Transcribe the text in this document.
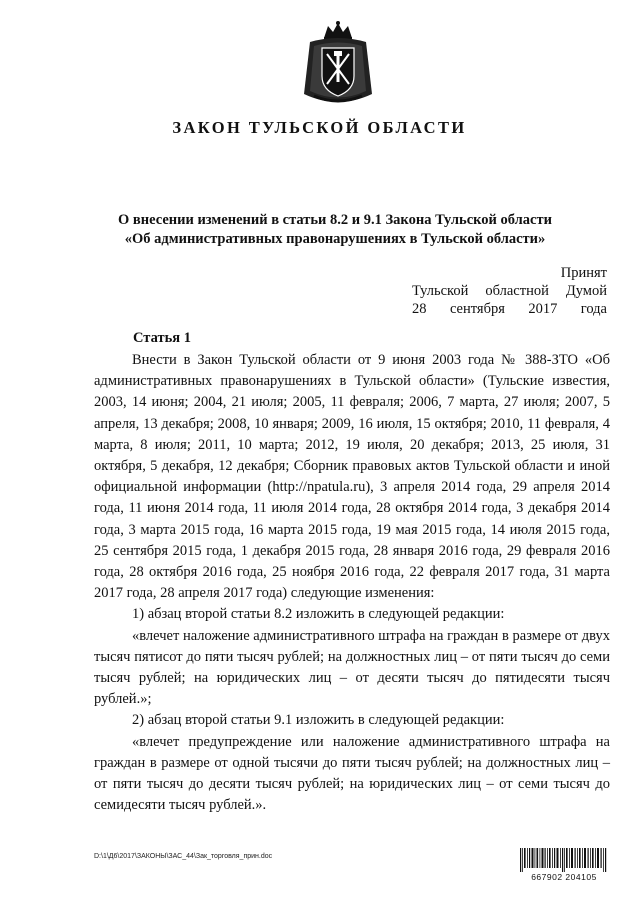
ЗАКОН ТУЛЬСКОЙ ОБЛАСТИ
О внесении изменений в статьи 8.2 и 9.1 Закона Тульской области
«Об административных правонарушениях в Тульской области»
Принят
Тульской областной Думой
28 сентября 2017 года
Статья 1

Внести в Закон Тульской области от 9 июня 2003 года № 388-ЗТО «Об административных правонарушениях в Тульской области» (Тульские известия, 2003, 14 июня; 2004, 21 июля; 2005, 11 февраля; 2006, 7 марта, 27 июля; 2007, 5 апреля, 13 декабря; 2008, 10 января; 2009, 16 июля, 15 октября; 2010, 11 февраля, 4 марта, 8 июля; 2011, 10 марта; 2012, 19 июля, 20 декабря; 2013, 25 июля, 31 октября, 5 декабря, 12 декабря; Сборник правовых актов Тульской области и иной официальной информации (http://npatula.ru), 3 апреля 2014 года, 29 апреля 2014 года, 11 июня 2014 года, 11 июля 2014 года, 28 октября 2014 года, 3 декабря 2014 года, 3 марта 2015 года, 16 марта 2015 года, 19 мая 2015 года, 14 июля 2015 года, 25 сентября 2015 года, 1 декабря 2015 года, 28 января 2016 года, 29 февраля 2016 года, 28 октября 2016 года, 25 ноября 2016 года, 22 февраля 2017 года, 31 марта 2017 года, 28 апреля 2017 года) следующие изменения:

1) абзац второй статьи 8.2 изложить в следующей редакции:

«влечет наложение административного штрафа на граждан в размере от двух тысяч пятисот до пяти тысяч рублей; на должностных лиц – от пяти тысяч до семи тысяч рублей; на юридических лиц – от десяти тысяч до пятидесяти тысяч рублей.»;

2) абзац второй статьи 9.1 изложить в следующей редакции:

«влечет предупреждение или наложение административного штрафа на граждан в размере от одной тысячи до пяти тысяч рублей; на должностных лиц – от пяти тысяч до десяти тысяч рублей; на юридических лиц – от семи тысяч до семидесяти тысяч рублей.».

D:\1\Д6\2017\ЗАКОНЫ\ЗАС_44\Зак_торговля_прин.doc
667902 204105
